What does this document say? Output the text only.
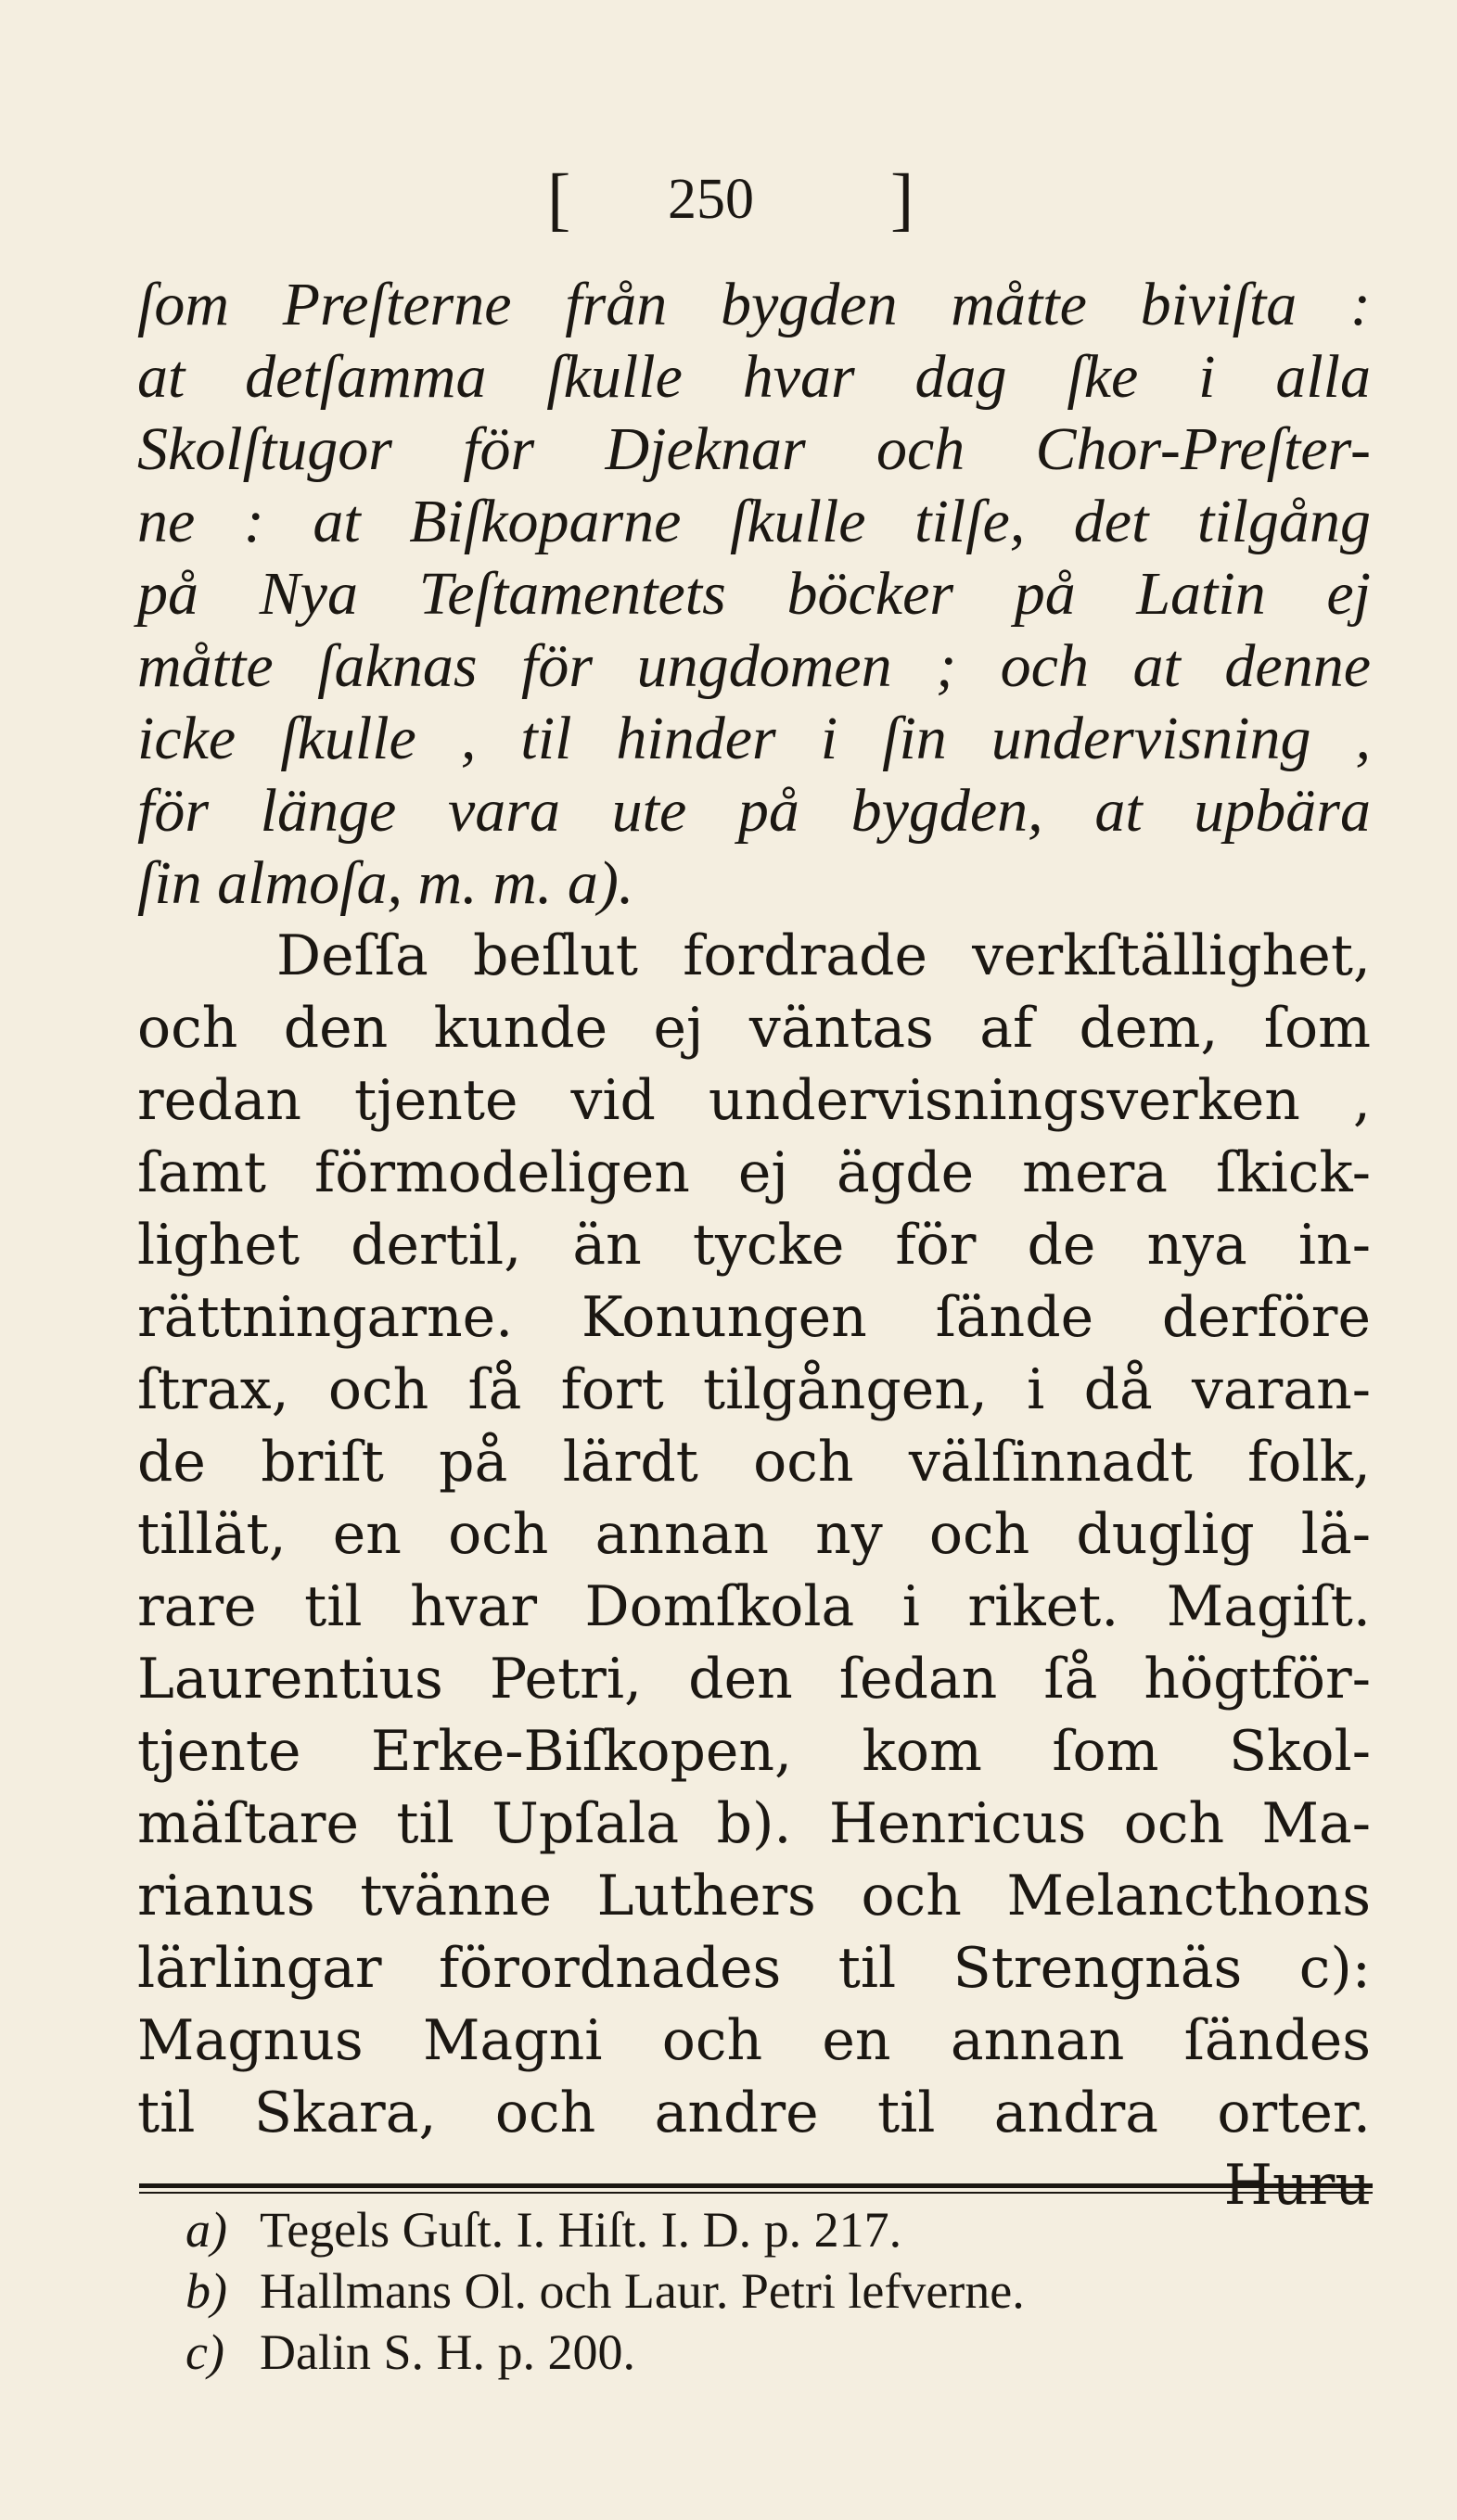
[ 250 ]
ſom Preſterne från bygden måtte biviſta :
at detſamma ſkulle hvar dag ſke i alla
Skolſtugor för Djeknar och Chor-Preſter-
ne : at Biſkoparne ſkulle tilſe, det tilgång
på Nya Teſtamentets böcker på Latin ej
måtte ſaknas för ungdomen ; och at denne
icke ſkulle , til hinder i ſin undervisning ,
för länge vara ute på bygden, at upbära
ſin almoſa, m. m. a).
Deſſa beſlut fordrade verkſtällighet,
och den kunde ej väntas af dem, ſom
redan tjente vid undervisningsverken ,
ſamt förmodeligen ej ägde mera ſkick-
lighet dertil, än tycke för de nya in-
rättningarne. Konungen ſände derföre
ſtrax, och ſå fort tilgången, i då varan-
de briſt på lärdt och välſinnadt folk,
tillät, en och annan ny och duglig lä-
rare til hvar Domſkola i riket. Magiſt.
Laurentius Petri, den ſedan ſå högtför-
tjente Erke-Biſkopen, kom ſom Skol-
mäſtare til Upſala b). Henricus och Ma-
rianus tvänne Luthers och Melancthons
lärlingar förordnades til Strengnäs c):
Magnus Magni och en annan ſändes
til Skara, och andre til andra orter.
Huru
a) Tegels Guſt. I. Hiſt. I. D. p. 217.
b) Hallmans Ol. och Laur. Petri lefverne.
c) Dalin S. H. p. 200.
